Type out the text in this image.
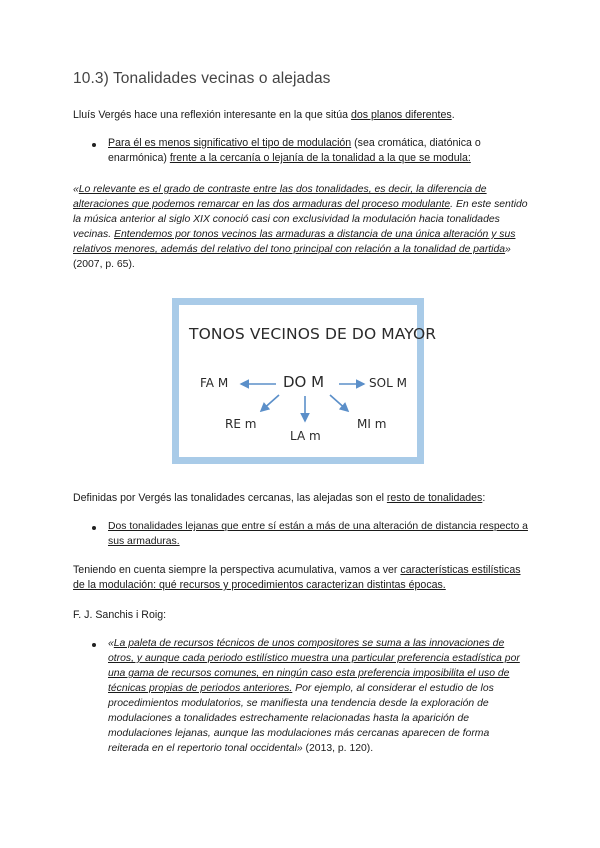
10.3) Tonalidades vecinas o alejadas
Lluís Vergés hace una reflexión interesante en la que sitúa dos planos diferentes.
Para él es menos significativo el tipo de modulación (sea cromática, diatónica o enarmónica) frente a la cercanía o lejanía de la tonalidad a la que se modula:
«Lo relevante es el grado de contraste entre las dos tonalidades, es decir, la diferencia de alteraciones que podemos remarcar en las dos armaduras del proceso modulante. En este sentido la música anterior al siglo XIX conoció casi con exclusividad la modulación hacia tonalidades vecinas. Entendemos por tonos vecinos las armaduras a distancia de una única alteración y sus relativos menores, además del relativo del tono principal con relación a la tonalidad de partida» (2007, p. 65).
TONOS VECINOS DE DO MAYOR
DO M
FA M	SOL M
RE m
LA m
MI m
Definidas por Vergés las tonalidades cercanas, las alejadas son el resto de tonalidades:
Dos tonalidades lejanas que entre sí están a más de una alteración de distancia respecto a sus armaduras.
Teniendo en cuenta siempre la perspectiva acumulativa, vamos a ver características estilísticas de la modulación: qué recursos y procedimientos caracterizan distintas épocas.
F. J. Sanchis i Roig:
«La paleta de recursos técnicos de unos compositores se suma a las innovaciones de otros, y aunque cada periodo estilístico muestra una particular preferencia estadística por una gama de recursos comunes, en ningún caso esta preferencia imposibilita el uso de técnicas propias de periodos anteriores. Por ejemplo, al considerar el estudio de los procedimientos modulatorios, se manifiesta una tendencia desde la exploración de modulaciones a tonalidades estrechamente relacionadas hasta la aparición de modulaciones lejanas, aunque las modulaciones más cercanas aparecen de forma reiterada en el repertorio tonal occidental» (2013, p. 120).
